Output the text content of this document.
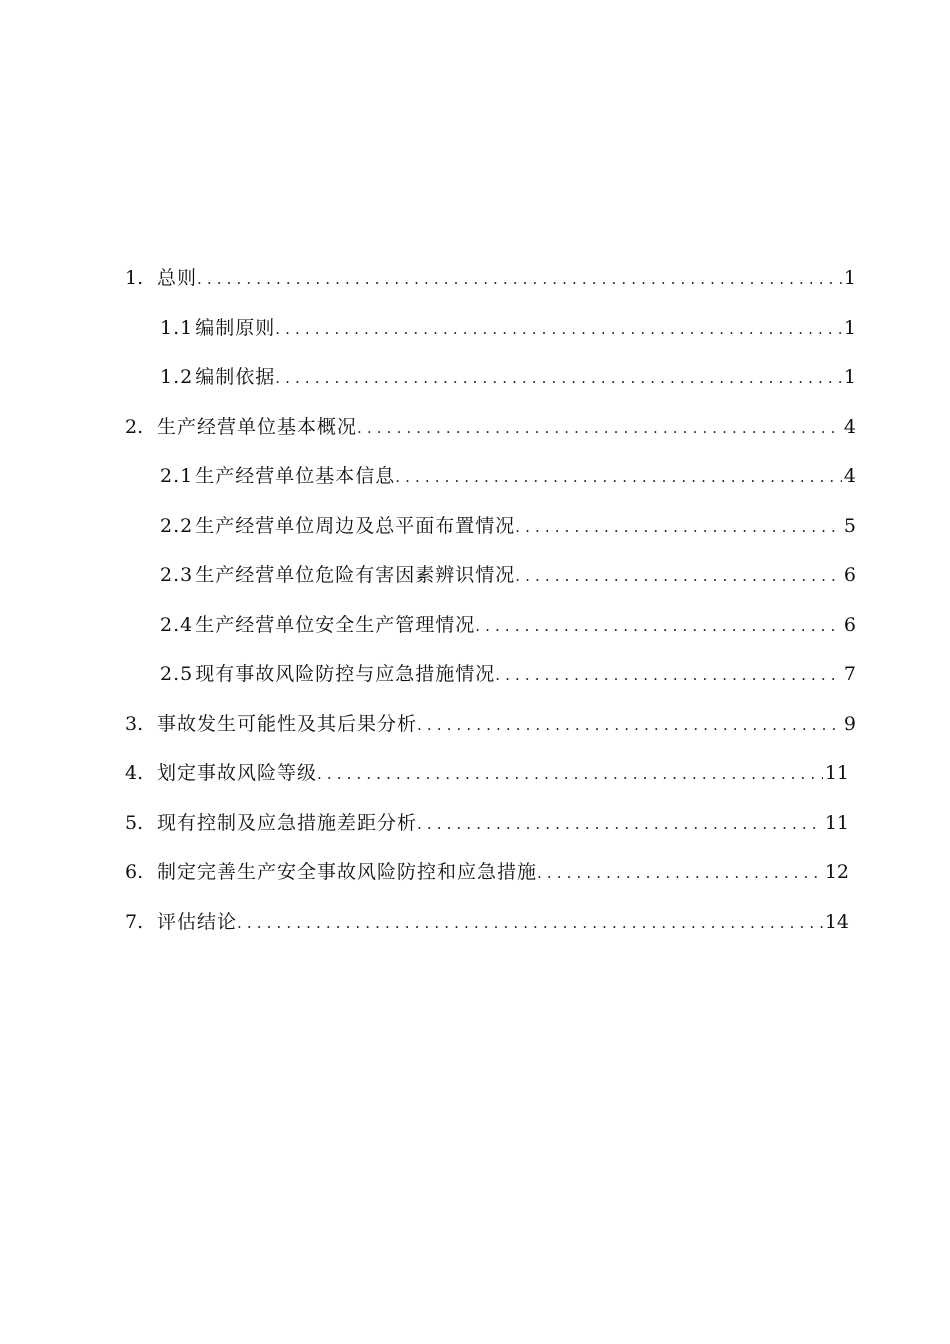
1. 总则 .....	1
1.1 编制原则 .....	1
1.2 编制依据 .....	1
2. 生产经营单位基本概况 .....	4
2.1 生产经营单位基本信息 .....	4
2.2 生产经营单位周边及总平面布置情况 .....	5
2.3 生产经营单位危险有害因素辨识情况 .....	6
2.4 生产经营单位安全生产管理情况 .....	6
2.5 现有事故风险防控与应急措施情况 .....	7
3. 事故发生可能性及其后果分析 .....	9
4. 划定事故风险等级 .....	11
5. 现有控制及应急措施差距分析 .....	11
6. 制定完善生产安全事故风险防控和应急措施 .....	12
7. 评估结论 .....	14
